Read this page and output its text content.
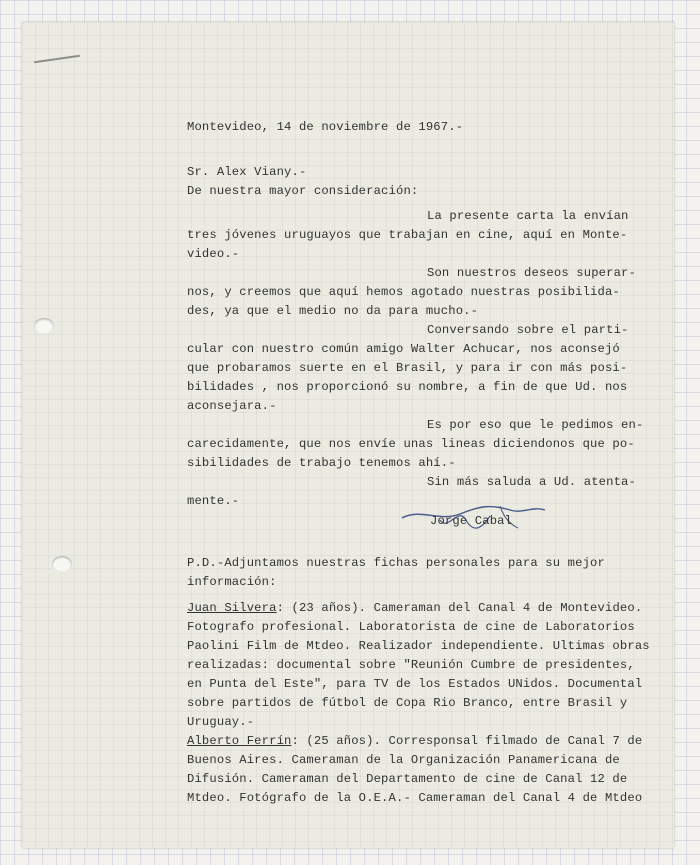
Montevideo, 14 de noviembre de 1967.-
Sr. Alex Viany.-
De nuestra mayor consideración:
La presente carta la envían
tres jóvenes uruguayos que trabajan en cine, aquí en Monte-
video.-
Son nuestros deseos superar-
nos, y creemos que aquí hemos agotado nuestras posibilida-
des, ya que el medio no da para mucho.-
Conversando sobre el parti-
cular con nuestro común amigo Walter Achucar, nos aconsejó
que probaramos suerte en el Brasil, y para ir con más posi-
bilidades , nos proporcionó su nombre, a fin de que Ud. nos
aconsejara.-
Es por eso que le pedimos en-
carecidamente, que nos envíe unas lineas diciendonos que po-
sibilidades de trabajo tenemos ahí.-
Sin más saluda a Ud. atenta-
mente.-
Jorge Cabal
P.D.-Adjuntamos nuestras fichas personales para su mejor
información:
Juan Silvera: (23 años). Cameraman del Canal 4 de Montevideo.
Fotografo profesional. Laboratorista de cine de Laboratorios
Paolini Film de Mtdeo. Realizador independiente. Ultimas obras
realizadas: documental sobre "Reunión Cumbre de presidentes,
en Punta del Este", para TV de los Estados UNidos. Documental
sobre partidos de fútbol de Copa Rio Branco, entre Brasil y
Uruguay.-
Alberto Ferrín: (25 años). Corresponsal filmado de Canal 7 de
Buenos Aires. Cameraman de la Organización Panamericana de
Difusión. Cameraman del Departamento de cine de Canal 12 de
Mtdeo. Fotógrafo de la O.E.A.- Cameraman del Canal 4 de Mtdeo
